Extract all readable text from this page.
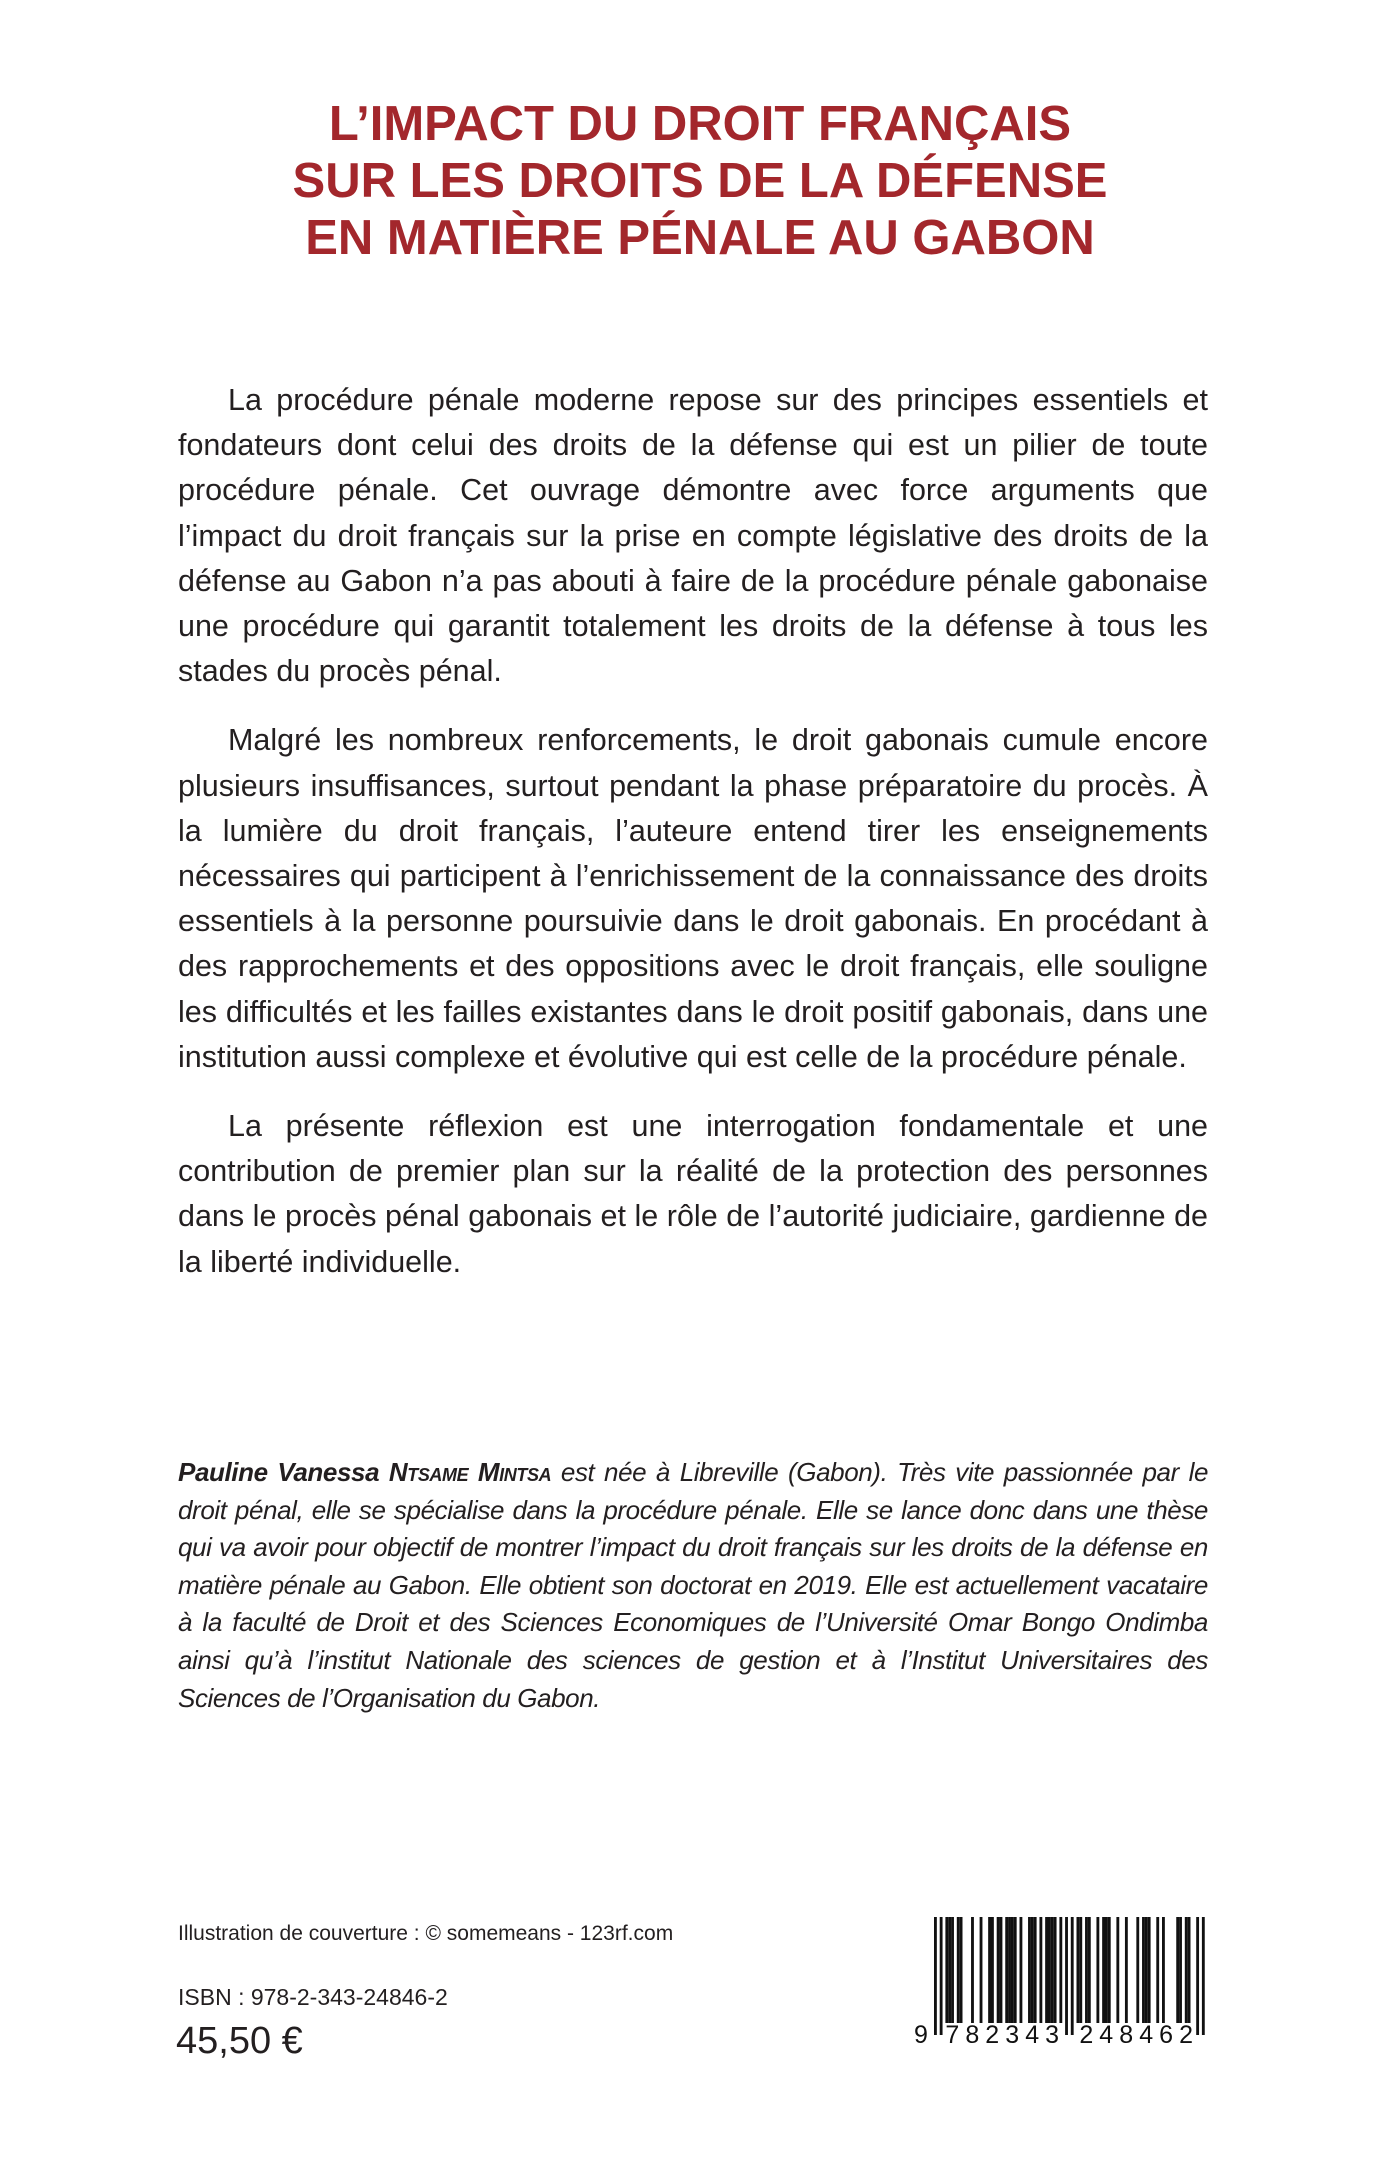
L’IMPACT DU DROIT FRANÇAIS
SUR LES DROITS DE LA DÉFENSE
EN MATIÈRE PÉNALE AU GABON

La procédure pénale moderne repose sur des principes essentiels et fondateurs dont celui des droits de la défense qui est un pilier de toute procédure pénale. Cet ouvrage démontre avec force arguments que l’impact du droit français sur la prise en compte législative des droits de la défense au Gabon n’a pas abouti à faire de la procédure pénale gabonaise une procédure qui garantit totalement les droits de la défense à tous les stades du procès pénal.

Malgré les nombreux renforcements, le droit gabonais cumule encore plusieurs insuffisances, surtout pendant la phase préparatoire du procès. À la lumière du droit français, l’auteure entend tirer les enseignements nécessaires qui participent à l’enrichissement de la connaissance des droits essentiels à la personne poursuivie dans le droit gabonais. En procédant à des rapprochements et des oppositions avec le droit français, elle souligne les difficultés et les failles existantes dans le droit positif gabonais, dans une institution aussi complexe et évolutive qui est celle de la procédure pénale.

La présente réflexion est une interrogation fondamentale et une contribution de premier plan sur la réalité de la protection des personnes dans le procès pénal gabonais et le rôle de l’autorité judiciaire, gardienne de la liberté individuelle.

Pauline Vanessa Ntsame Mintsa est née à Libreville (Gabon). Très vite passionnée par le droit pénal, elle se spécialise dans la procédure pénale. Elle se lance donc dans une thèse qui va avoir pour objectif de montrer l’impact du droit français sur les droits de la défense en matière pénale au Gabon. Elle obtient son doctorat en 2019. Elle est actuellement vacataire à la faculté de Droit et des Sciences Economiques de l’Université Omar Bongo Ondimba ainsi qu’à l’institut Nationale des sciences de gestion et à l’Institut Universitaires des Sciences de l’Organisation du Gabon.
Illustration de couverture : © somemeans - 123rf.com
ISBN : 978-2-343-24846-2
45,50 €	9 7 8 2 3 4 3 2 4 8 4 6 2
